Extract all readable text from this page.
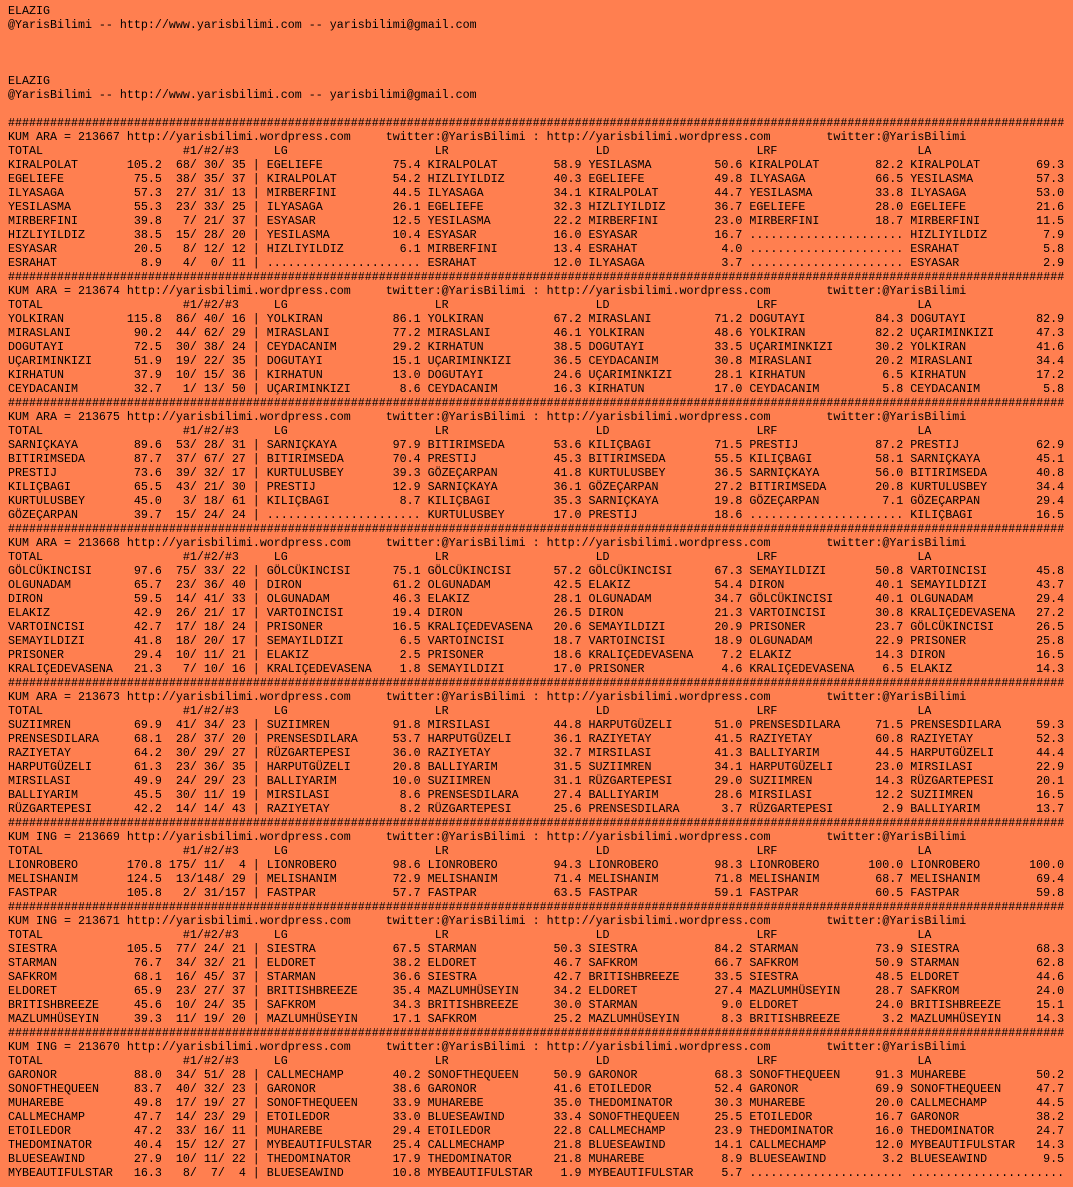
ELAZIG
@YarisBilimi -- http://www.yarisbilimi.com -- yarisbilimi@gmail.com
ELAZIG
@YarisBilimi -- http://www.yarisbilimi.com -- yarisbilimi@gmail.com
#######################################################################################################################################################
KUM ARA = 213667 http://yarisbilimi.wordpress.com     twitter:@YarisBilimi : http://yarisbilimi.wordpress.com        twitter:@YarisBilimi
TOTAL	#1/#2/#3	LG	LR	LD	LRF	LA
KIRALPOLAT	105.2 68/ 30/ 35 | EGELIEFE	75.4 KIRALPOLAT	58.9 YESILASMA	50.6 KIRALPOLAT	82.2 KIRALPOLAT	69.3
EGELIEFE	75.5 38/ 35/ 37 | KIRALPOLAT	54.2 HIZLIYILDIZ	40.3 EGELIEFE	49.8 ILYASAGA	66.5 YESILASMA	57.3
ILYASAGA	57.3 27/ 31/ 13 | MIRBERFINI	44.5 ILYASAGA	34.1 KIRALPOLAT	44.7 YESILASMA	33.8 ILYASAGA	53.0
YESILASMA	55.3 23/ 33/ 25 | ILYASAGA	26.1 EGELIEFE	32.3 HIZLIYILDIZ	36.7 EGELIEFE	28.0 EGELIEFE	21.6
MIRBERFINI	39.8 7/ 21/ 37 | ESYASAR	12.5 YESILASMA	22.2 MIRBERFINI	23.0 MIRBERFINI	18.7 MIRBERFINI	11.5
HIZLIYILDIZ	38.5 15/ 28/ 20 | YESILASMA	10.4 ESYASAR	16.0 ESYASAR	16.7 ...................... HIZLIYILDIZ	7.9
ESYASAR	20.5 8/ 12/ 12 | HIZLIYILDIZ	6.1 MIRBERFINI	13.4 ESRAHAT	4.0 ...................... ESRAHAT	5.8
ESRAHAT	8.9 4/ 0/ 11 | ...................... ESRAHAT	12.0 ILYASAGA	3.7 ...................... ESYASAR	2.9
#######################################################################################################################################################
KUM ARA = 213674 http://yarisbilimi.wordpress.com     twitter:@YarisBilimi : http://yarisbilimi.wordpress.com        twitter:@YarisBilimi
TOTAL	#1/#2/#3	LG	LR	LD	LRF	LA
YOLKIRAN	115.8 86/ 40/ 16 | YOLKIRAN	86.1 YOLKIRAN	67.2 MIRASLANI	71.2 DOGUTAYI	84.3 DOGUTAYI	82.9
MIRASLANI	90.2 44/ 62/ 29 | MIRASLANI	77.2 MIRASLANI	46.1 YOLKIRAN	48.6 YOLKIRAN	82.2 UÇARIMINKIZI	47.3
DOGUTAYI	72.5 30/ 38/ 24 | CEYDACANIM	29.2 KIRHATUN	38.5 DOGUTAYI	33.5 UÇARIMINKIZI	30.2 YOLKIRAN	41.6
UÇARIMINKIZI	51.9 19/ 22/ 35 | DOGUTAYI	15.1 UÇARIMINKIZI	36.5 CEYDACANIM	30.8 MIRASLANI	20.2 MIRASLANI	34.4
KIRHATUN	37.9 10/ 15/ 36 | KIRHATUN	13.0 DOGUTAYI	24.6 UÇARIMINKIZI	28.1 KIRHATUN	6.5 KIRHATUN	17.2
CEYDACANIM	32.7 1/ 13/ 50 | UÇARIMINKIZI	8.6 CEYDACANIM	16.3 KIRHATUN	17.0 CEYDACANIM	5.8 CEYDACANIM	5.8
#######################################################################################################################################################
KUM ARA = 213675 http://yarisbilimi.wordpress.com     twitter:@YarisBilimi : http://yarisbilimi.wordpress.com        twitter:@YarisBilimi
TOTAL	#1/#2/#3	LG	LR	LD	LRF	LA
SARNIÇKAYA	89.6 53/ 28/ 31 | SARNIÇKAYA	97.9 BITIRIMSEDA	53.6 KILIÇBAGI	71.5 PRESTIJ	87.2 PRESTIJ	62.9
BITIRIMSEDA	87.7 37/ 67/ 27 | BITIRIMSEDA	70.4 PRESTIJ	45.3 BITIRIMSEDA	55.5 KILIÇBAGI	58.1 SARNIÇKAYA	45.1
PRESTIJ	73.6 39/ 32/ 17 | KURTULUSBEY	39.3 GÖZEÇARPAN	41.8 KURTULUSBEY	36.5 SARNIÇKAYA	56.0 BITIRIMSEDA	40.8
KILIÇBAGI	65.5 43/ 21/ 30 | PRESTIJ	12.9 SARNIÇKAYA	36.1 GÖZEÇARPAN	27.2 BITIRIMSEDA	20.8 KURTULUSBEY	34.4
KURTULUSBEY	45.0 3/ 18/ 61 | KILIÇBAGI	8.7 KILIÇBAGI	35.3 SARNIÇKAYA	19.8 GÖZEÇARPAN	7.1 GÖZEÇARPAN	29.4
GÖZEÇARPAN	39.7 15/ 24/ 24 | ...................... KURTULUSBEY	17.0 PRESTIJ	18.6 ...................... KILIÇBAGI	16.5
#######################################################################################################################################################
KUM ARA = 213668 http://yarisbilimi.wordpress.com     twitter:@YarisBilimi : http://yarisbilimi.wordpress.com        twitter:@YarisBilimi
TOTAL	#1/#2/#3	LG	LR	LD	LRF	LA
GÖLCÜKINCISI	97.6 75/ 33/ 22 | GÖLCÜKINCISI	75.1 GÖLCÜKINCISI	57.2 GÖLCÜKINCISI	67.3 SEMAYILDIZI	50.8 VARTOINCISI	45.8
OLGUNADAM	65.7 23/ 36/ 40 | DIRON	61.2 OLGUNADAM	42.5 ELAKIZ	54.4 DIRON	40.1 SEMAYILDIZI	43.7
DIRON	59.5 14/ 41/ 33 | OLGUNADAM	46.3 ELAKIZ	28.1 OLGUNADAM	34.7 GÖLCÜKINCISI	40.1 OLGUNADAM	29.4
ELAKIZ	42.9 26/ 21/ 17 | VARTOINCISI	19.4 DIRON	26.5 DIRON	21.3 VARTOINCISI	30.8 KRALIÇEDEVASENA 27.2
VARTOINCISI	42.7 17/ 18/ 24 | PRISONER	16.5 KRALIÇEDEVASENA 20.6 SEMAYILDIZI	20.9 PRISONER	23.7 GÖLCÜKINCISI	26.5
SEMAYILDIZI	41.8 18/ 20/ 17 | SEMAYILDIZI	6.5 VARTOINCISI	18.7 VARTOINCISI	18.9 OLGUNADAM	22.9 PRISONER	25.8
PRISONER	29.4 10/ 11/ 21 | ELAKIZ	2.5 PRISONER	18.6 KRALIÇEDEVASENA 7.2 ELAKIZ	14.3 DIRON	16.5
KRALIÇEDEVASENA 21.3 7/ 10/ 16 | KRALIÇEDEVASENA 1.8 SEMAYILDIZI	17.0 PRISONER	4.6 KRALIÇEDEVASENA 6.5 ELAKIZ	14.3
#######################################################################################################################################################
KUM ARA = 213673 http://yarisbilimi.wordpress.com     twitter:@YarisBilimi : http://yarisbilimi.wordpress.com        twitter:@YarisBilimi
TOTAL	#1/#2/#3	LG	LR	LD	LRF	LA
SUZIIMREN	69.9 41/ 34/ 23 | SUZIIMREN	91.8 MIRSILASI	44.8 HARPUTGÜZELI	51.0 PRENSESDILARA	71.5 PRENSESDILARA	59.3
PRENSESDILARA	68.1 28/ 37/ 20 | PRENSESDILARA	53.7 HARPUTGÜZELI	36.1 RAZIYETAY	41.5 RAZIYETAY	60.8 RAZIYETAY	52.3
RAZIYETAY	64.2 30/ 29/ 27 | RÜZGARTEPESI	36.0 RAZIYETAY	32.7 MIRSILASI	41.3 BALLIYARIM	44.5 HARPUTGÜZELI	44.4
HARPUTGÜZELI	61.3 23/ 36/ 35 | HARPUTGÜZELI	20.8 BALLIYARIM	31.5 SUZIIMREN	34.1 HARPUTGÜZELI	23.0 MIRSILASI	22.9
MIRSILASI	49.9 24/ 29/ 23 | BALLIYARIM	10.0 SUZIIMREN	31.1 RÜZGARTEPESI	29.0 SUZIIMREN	14.3 RÜZGARTEPESI	20.1
BALLIYARIM	45.5 30/ 11/ 19 | MIRSILASI	8.6 PRENSESDILARA	27.4 BALLIYARIM	28.6 MIRSILASI	12.2 SUZIIMREN	16.5
RÜZGARTEPESI	42.2 14/ 14/ 43 | RAZIYETAY	8.2 RÜZGARTEPESI	25.6 PRENSESDILARA	3.7 RÜZGARTEPESI	2.9 BALLIYARIM	13.7
#######################################################################################################################################################
KUM ING = 213669 http://yarisbilimi.wordpress.com     twitter:@YarisBilimi : http://yarisbilimi.wordpress.com        twitter:@YarisBilimi
TOTAL	#1/#2/#3	LG	LR	LD	LRF	LA
LIONROBERO	170.8 175/ 11/ 4 | LIONROBERO	98.6 LIONROBERO	94.3 LIONROBERO	98.3 LIONROBERO	100.0 LIONROBERO	100.0
MELISHANIM	124.5 13/148/ 29 | MELISHANIM	72.9 MELISHANIM	71.4 MELISHANIM	71.8 MELISHANIM	68.7 MELISHANIM	69.4
FASTPAR	105.8 2/ 31/157 | FASTPAR	57.7 FASTPAR	63.5 FASTPAR	59.1 FASTPAR	60.5 FASTPAR	59.8
#######################################################################################################################################################
KUM ING = 213671 http://yarisbilimi.wordpress.com     twitter:@YarisBilimi : http://yarisbilimi.wordpress.com        twitter:@YarisBilimi
TOTAL	#1/#2/#3	LG	LR	LD	LRF	LA
SIESTRA	105.5 77/ 24/ 21 | SIESTRA	67.5 STARMAN	50.3 SIESTRA	84.2 STARMAN	73.9 SIESTRA	68.3
STARMAN	76.7 34/ 32/ 21 | ELDORET	38.2 ELDORET	46.7 SAFKROM	66.7 SAFKROM	50.9 STARMAN	62.8
SAFKROM	68.1 16/ 45/ 37 | STARMAN	36.6 SIESTRA	42.7 BRITISHBREEZE	33.5 SIESTRA	48.5 ELDORET	44.6
ELDORET	65.9 23/ 27/ 37 | BRITISHBREEZE	35.4 MAZLUMHÜSEYIN	34.2 ELDORET	27.4 MAZLUMHÜSEYIN	28.7 SAFKROM	24.0
BRITISHBREEZE	45.6 10/ 24/ 35 | SAFKROM	34.3 BRITISHBREEZE	30.0 STARMAN	9.0 ELDORET	24.0 BRITISHBREEZE	15.1
MAZLUMHÜSEYIN	39.3 11/ 19/ 20 | MAZLUMHÜSEYIN	17.1 SAFKROM	25.2 MAZLUMHÜSEYIN	8.3 BRITISHBREEZE	3.2 MAZLUMHÜSEYIN	14.3
#######################################################################################################################################################
KUM ING = 213670 http://yarisbilimi.wordpress.com     twitter:@YarisBilimi : http://yarisbilimi.wordpress.com        twitter:@YarisBilimi
TOTAL	#1/#2/#3	LG	LR	LD	LRF	LA
GARONOR	88.0 34/ 51/ 28 | CALLMECHAMP	40.2 SONOFTHEQUEEN	50.9 GARONOR	68.3 SONOFTHEQUEEN	91.3 MUHAREBE	50.2
SONOFTHEQUEEN	83.7 40/ 32/ 23 | GARONOR	38.6 GARONOR	41.6 ETOILEDOR	52.4 GARONOR	69.9 SONOFTHEQUEEN	47.7
MUHAREBE	49.8 17/ 19/ 27 | SONOFTHEQUEEN	33.9 MUHAREBE	35.0 THEDOMINATOR	30.3 MUHAREBE	20.0 CALLMECHAMP	44.5
CALLMECHAMP	47.7 14/ 23/ 29 | ETOILEDOR	33.0 BLUESEAWIND	33.4 SONOFTHEQUEEN	25.5 ETOILEDOR	16.7 GARONOR	38.2
ETOILEDOR	47.2 33/ 16/ 11 | MUHAREBE	29.4 ETOILEDOR	22.8 CALLMECHAMP	23.9 THEDOMINATOR	16.0 THEDOMINATOR	24.7
THEDOMINATOR	40.4 15/ 12/ 27 | MYBEAUTIFULSTAR 25.4 CALLMECHAMP	21.8 BLUESEAWIND	14.1 CALLMECHAMP	12.0 MYBEAUTIFULSTAR 14.3
BLUESEAWIND	27.9 10/ 11/ 22 | THEDOMINATOR	17.9 THEDOMINATOR	21.8 MUHAREBE	8.9 BLUESEAWIND	3.2 BLUESEAWIND	9.5
MYBEAUTIFULSTAR 16.3 8/ 7/ 4 | BLUESEAWIND	10.8 MYBEAUTIFULSTAR 1.9 MYBEAUTIFULSTAR 5.7 ...................... ......................
